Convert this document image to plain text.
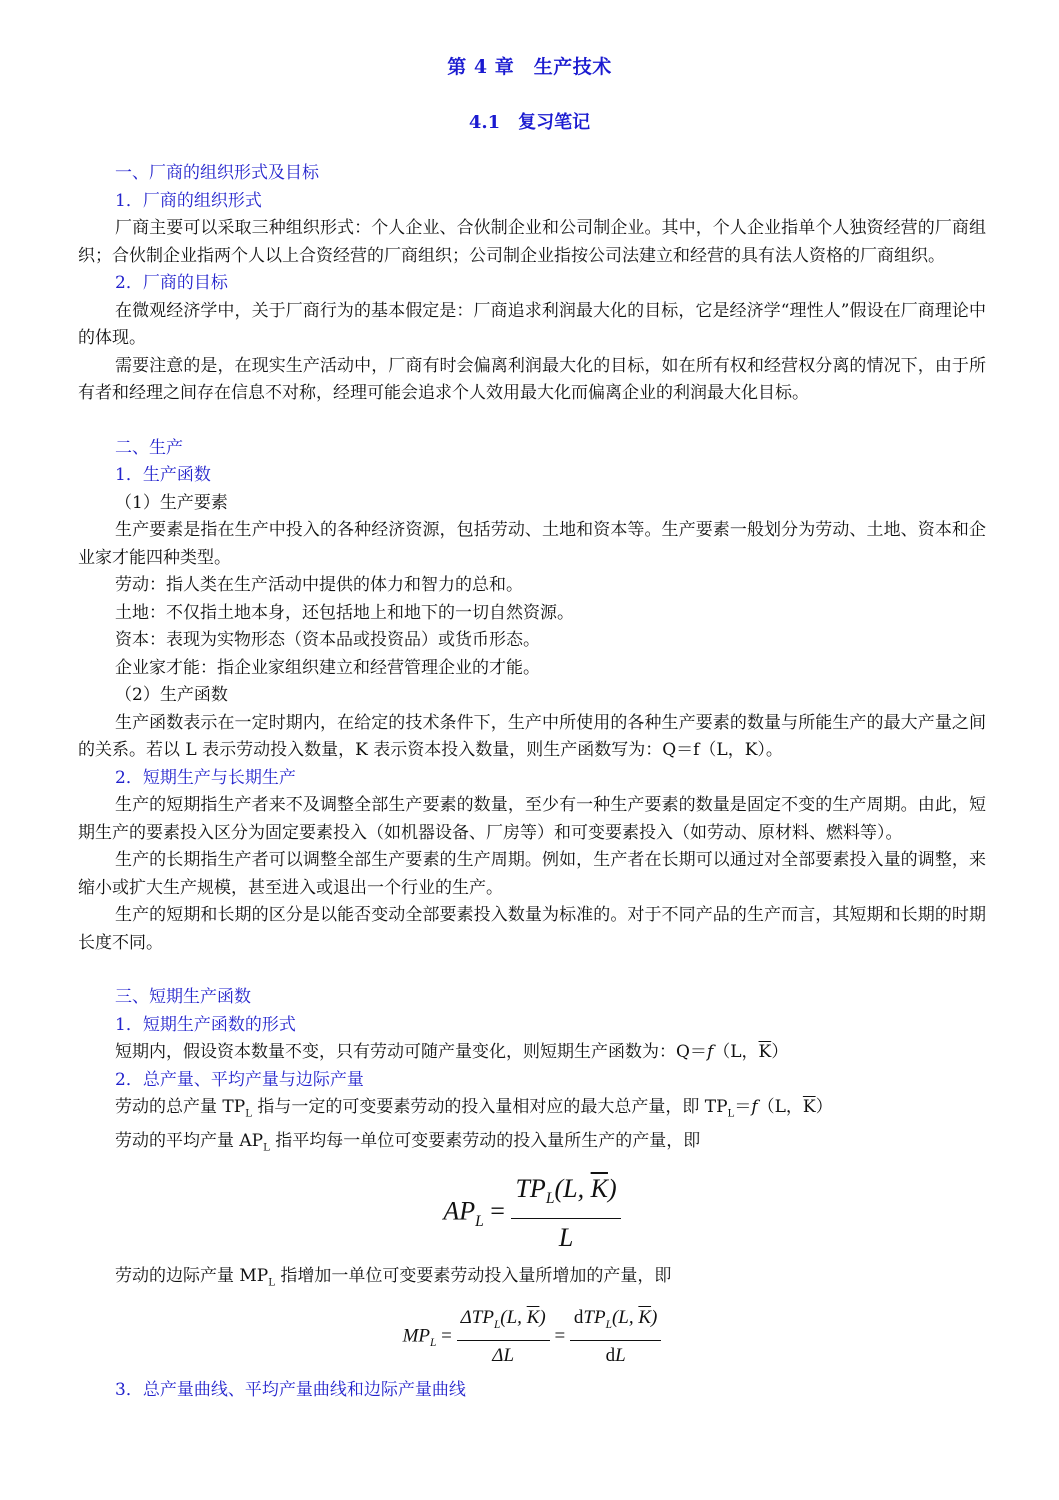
第 4 章　生产技术
4.1　复习笔记
一、厂商的组织形式及目标
1．厂商的组织形式
厂商主要可以采取三种组织形式：个人企业、合伙制企业和公司制企业。其中，个人企业指单个人独资经营的厂商组织；合伙制企业指两个人以上合资经营的厂商组织；公司制企业指按公司法建立和经营的具有法人资格的厂商组织。
2．厂商的目标
在微观经济学中，关于厂商行为的基本假定是：厂商追求利润最大化的目标，它是经济学“理性人”假设在厂商理论中的体现。
需要注意的是，在现实生产活动中，厂商有时会偏离利润最大化的目标，如在所有权和经营权分离的情况下，由于所有者和经理之间存在信息不对称，经理可能会追求个人效用最大化而偏离企业的利润最大化目标。
二、生产
1．生产函数
（1）生产要素
生产要素是指在生产中投入的各种经济资源，包括劳动、土地和资本等。生产要素一般划分为劳动、土地、资本和企业家才能四种类型。
劳动：指人类在生产活动中提供的体力和智力的总和。
土地：不仅指土地本身，还包括地上和地下的一切自然资源。
资本：表现为实物形态（资本品或投资品）或货币形态。
企业家才能：指企业家组织建立和经营管理企业的才能。
（2）生产函数
生产函数表示在一定时期内，在给定的技术条件下，生产中所使用的各种生产要素的数量与所能生产的最大产量之间的关系。若以 L 表示劳动投入数量，K 表示资本投入数量，则生产函数写为：Q＝f（L，K）。
2．短期生产与长期生产
生产的短期指生产者来不及调整全部生产要素的数量，至少有一种生产要素的数量是固定不变的生产周期。由此，短期生产的要素投入区分为固定要素投入（如机器设备、厂房等）和可变要素投入（如劳动、原材料、燃料等）。
生产的长期指生产者可以调整全部生产要素的生产周期。例如，生产者在长期可以通过对全部要素投入量的调整，来缩小或扩大生产规模，甚至进入或退出一个行业的生产。
生产的短期和长期的区分是以能否变动全部要素投入数量为标准的。对于不同产品的生产而言，其短期和长期的时期长度不同。
三、短期生产函数
1．短期生产函数的形式
短期内，假设资本数量不变，只有劳动可随产量变化，则短期生产函数为：Q＝f（L，$\overline{K}$）
2．总产量、平均产量与边际产量
劳动的总产量 $TP_L$ 指与一定的可变要素劳动的投入量相对应的最大总产量，即 $TP_L=f(L$，$\overline{K}$）
劳动的平均产量 $AP_L$ 指平均每一单位可变要素劳动的投入量所生产的产量，即
$AP_L = \frac{TP_L(L, \overline{K})}{L}$
劳动的边际产量 $MP_L$ 指增加一单位可变要素劳动投入量所增加的产量，即
$MP_L = \frac{\Delta TP_L(L, \overline{K})}{\Delta L} = \frac{dTP_L(L, \overline{K})}{dL}$
3．总产量曲线、平均产量曲线和边际产量曲线
